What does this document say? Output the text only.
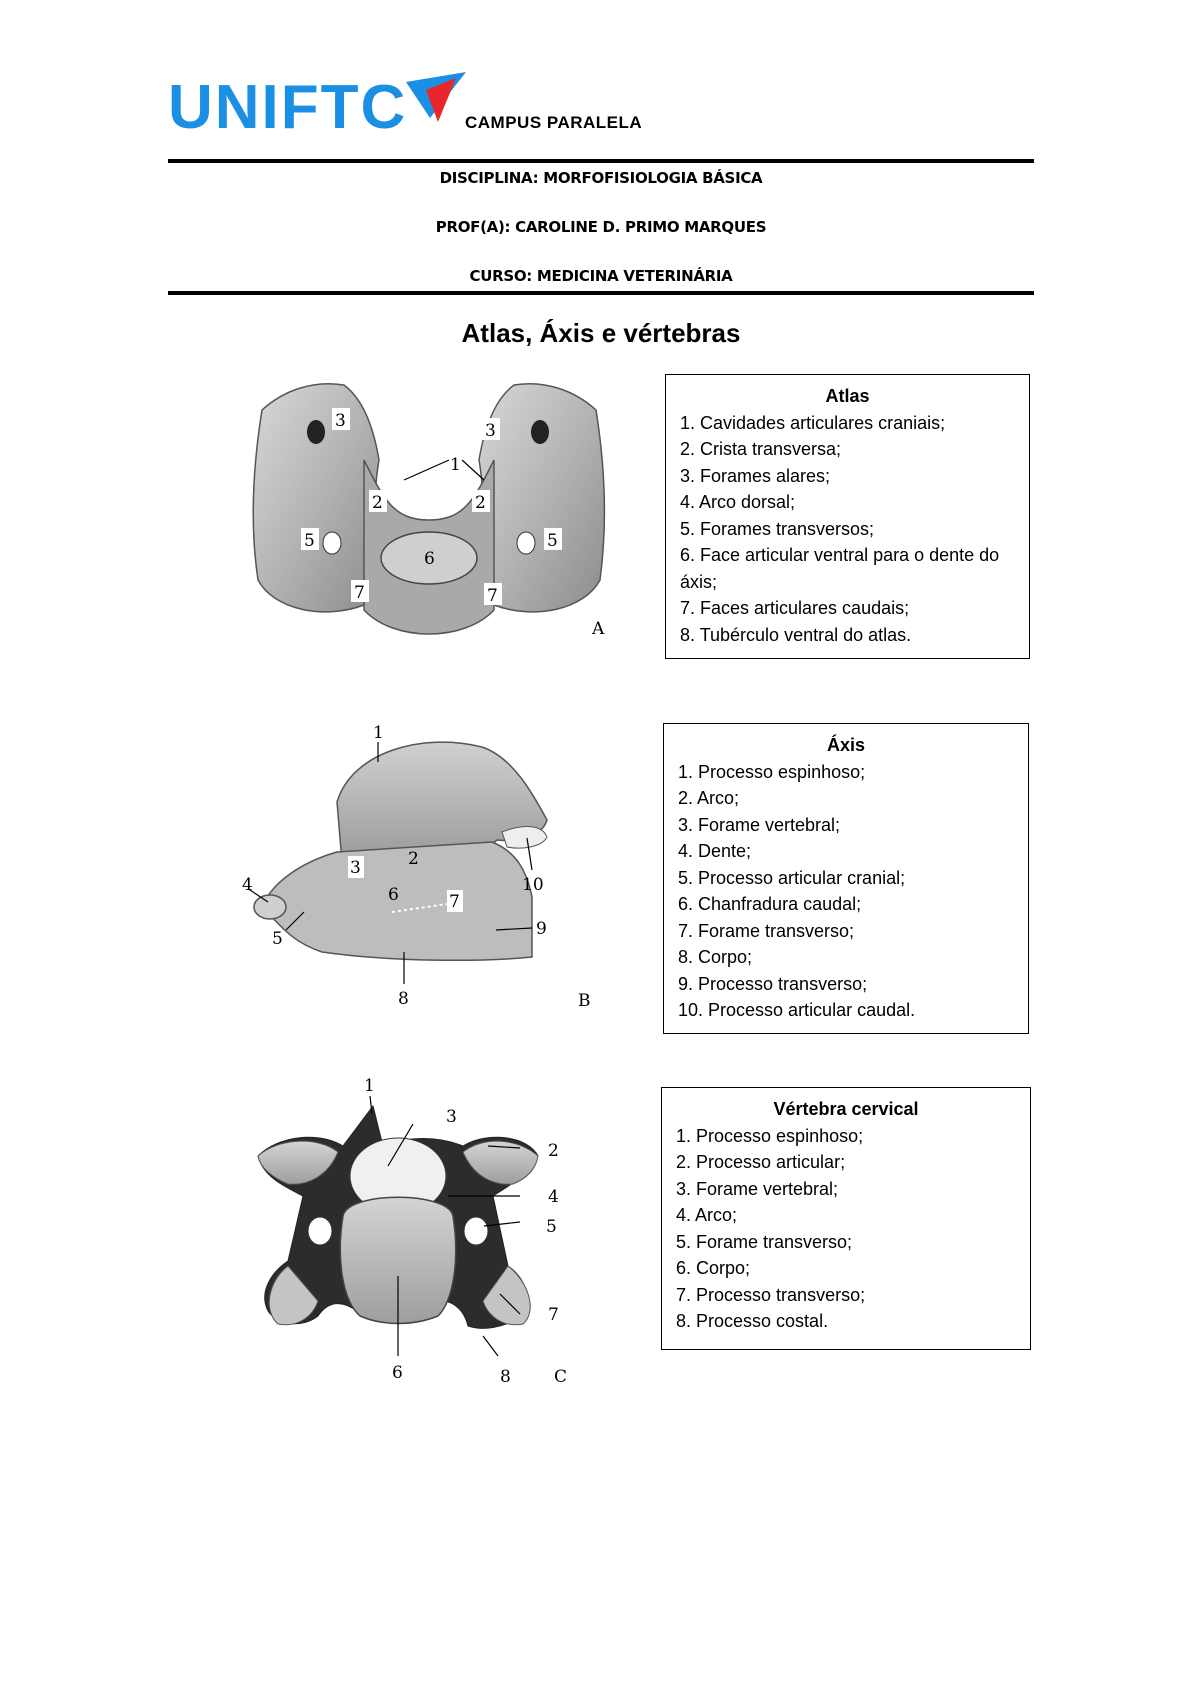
UNIFTC	CAMPUS PARALELA
DISCIPLINA: MORFOFISIOLOGIA BÁSICA
PROF(A): CAROLINE D. PRIMO MARQUES
CURSO: MEDICINA VETERINÁRIA
Atlas, Áxis e vértebras
3	3
1
2	2
5	5
6
7	7
A
Atlas
1. Cavidades articulares craniais;
2. Crista transversa;
3. Forames alares;
4. Arco dorsal;
5. Forames transversos;
6. Face articular ventral para o dente do áxis;
7. Faces articulares caudais;
8. Tubérculo ventral do atlas.
1
2
3
4
5
6	7
8
9
10
B
Áxis
1. Processo espinhoso;
2. Arco;
3. Forame vertebral;
4. Dente;
5. Processo articular cranial;
6. Chanfradura caudal;
7. Forame transverso;
8. Corpo;
9. Processo transverso;
10. Processo articular caudal.
1
3
2
4
5
6
7
8	C
Vértebra cervical
1. Processo espinhoso;
2. Processo articular;
3. Forame vertebral;
4. Arco;
5. Forame transverso;
6. Corpo;
7. Processo transverso;
8. Processo costal.
